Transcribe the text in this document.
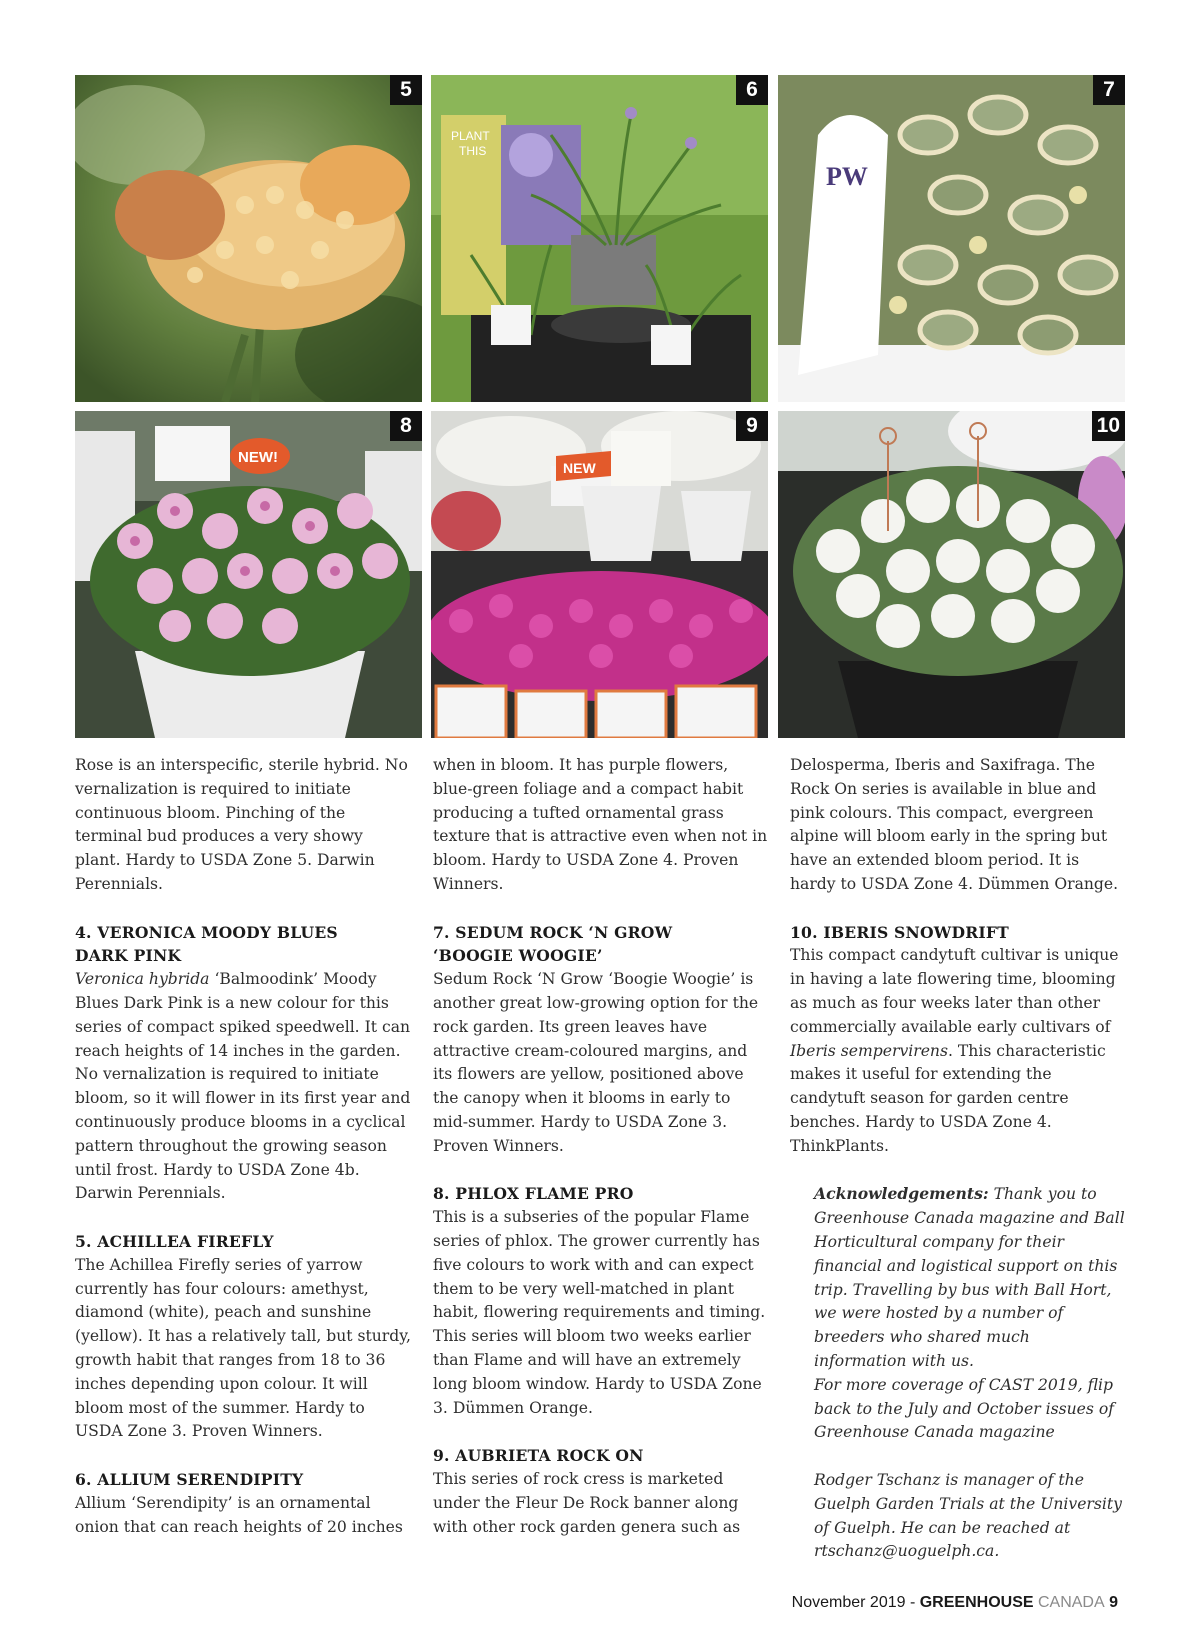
5
PLANT
THIS
6
PW
7
NEW!
8
NEW
9	10

Rose is an interspecific, sterile hybrid. No vernalization is required to initiate continuous bloom. Pinching of the terminal bud produces a very showy plant. Hardy to USDA Zone 5. Darwin Perennials.

4. VERONICA MOODY BLUES
DARK PINK

Veronica hybrida ‘Balmoodink’ Moody Blues Dark Pink is a new colour for this series of compact spiked speedwell. It can reach heights of 14 inches in the garden. No vernalization is required to initiate bloom, so it will flower in its first year and continuously produce blooms in a cyclical pattern throughout the growing season until frost. Hardy to USDA Zone 4b. Darwin Perennials.

5. ACHILLEA FIREFLY

The Achillea Firefly series of yarrow currently has four colours: amethyst, diamond (white), peach and sunshine (yellow). It has a relatively tall, but sturdy, growth habit that ranges from 18 to 36 inches depending upon colour. It will bloom most of the summer. Hardy to USDA Zone 3. Proven Winners.

6. ALLIUM SERENDIPITY

Allium ‘Serendipity’ is an ornamental onion that can reach heights of 20 inches

when in bloom. It has purple flowers, blue-green foliage and a compact habit producing a tufted ornamental grass texture that is attractive even when not in bloom. Hardy to USDA Zone 4. Proven Winners.

7. SEDUM ROCK ‘N GROW
‘BOOGIE WOOGIE’

Sedum Rock ‘N Grow ‘Boogie Woogie’ is another great low-growing option for the rock garden. Its green leaves have attractive cream-coloured margins, and its flowers are yellow, positioned above the canopy when it blooms in early to mid-summer. Hardy to USDA Zone 3. Proven Winners.

8. PHLOX FLAME PRO

This is a subseries of the popular Flame series of phlox. The grower currently has five colours to work with and can expect them to be very well-matched in plant habit, flowering requirements and timing. This series will bloom two weeks earlier than Flame and will have an extremely long bloom window. Hardy to USDA Zone 3. Dümmen Orange.

9. AUBRIETA ROCK ON

This series of rock cress is marketed under the Fleur De Rock banner along with other rock garden genera such as

Delosperma, Iberis and Saxifraga. The Rock On series is available in blue and pink colours. This compact, evergreen alpine will bloom early in the spring but have an extended bloom period. It is hardy to USDA Zone 4. Dümmen Orange.

10. IBERIS SNOWDRIFT

This compact candytuft cultivar is unique in having a late flowering time, blooming as much as four weeks later than other commercially available early cultivars of Iberis sempervirens. This characteristic makes it useful for extending the candytuft season for garden centre benches. Hardy to USDA Zone 4. ThinkPlants.

Acknowledgements: Thank you to Greenhouse Canada magazine and Ball Horticultural company for their financial and logistical support on this trip. Travelling by bus with Ball Hort, we were hosted by a number of breeders who shared much information with us.

For more coverage of CAST 2019, flip back to the July and October issues of Greenhouse Canada magazine

Rodger Tschanz is manager of the Guelph Garden Trials at the University of Guelph. He can be reached at rtschanz@uoguelph.ca.

November 2019 - GREENHOUSE CANADA 9
